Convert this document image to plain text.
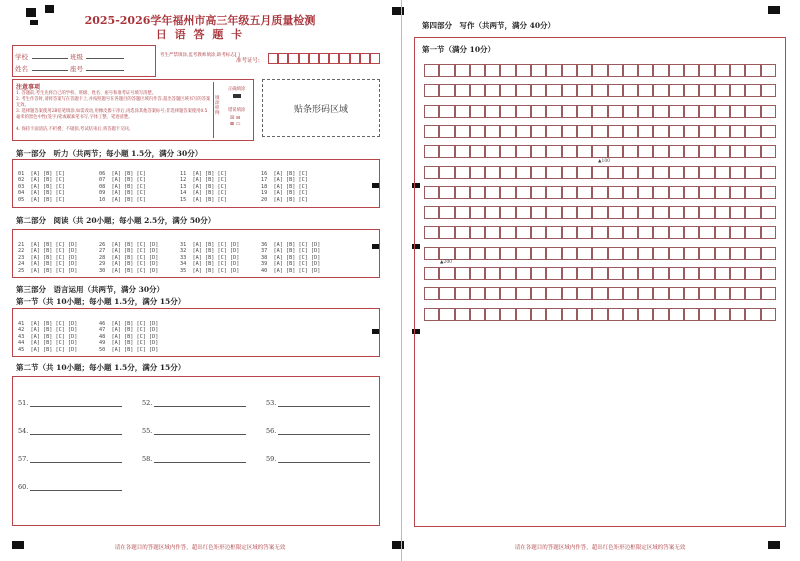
2025-2026学年福州市高三年级五月质量检测
日 语 答 题 卡
学校	班级
姓名	座号
考生严禁填涂,监考教师填涂,缺考标志[ ]
准考证号:
注意事项
1. 答题前,考生先将自己的学校、班级、姓名、座号和准考证号填写清楚。
2. 考生作答时,请将答案写在答题卡上,并按照题号在各题目的答题区域内作答,超出答题区域书写的答案无效。
3. 选择题答案使用2B铅笔填涂,如需改动,用橡皮擦干净后,再选涂其他答案标号;非选择题答案使用0.5毫米的黑色中性(签字)笔或碳素笔书写,字体工整、笔迹清楚。
4. 保持卡面清洁,不折叠、不破损,考试结束后,将答题卡交回。
填涂样例
正确填涂
错误填涂
☒ ⊟
⊠ ▭
贴条形码区域
第一部分　听力（共两节；每小题 1.5分，满分 30分）

01  [A] [B] [C]
02  [A] [B] [C]
03  [A] [B] [C]
04  [A] [B] [C]
05  [A] [B] [C]

06  [A] [B] [C]
07  [A] [B] [C]
08  [A] [B] [C]
09  [A] [B] [C]
10  [A] [B] [C]

11  [A] [B] [C]
12  [A] [B] [C]
13  [A] [B] [C]
14  [A] [B] [C]
15  [A] [B] [C]

16  [A] [B] [C]
17  [A] [B] [C]
18  [A] [B] [C]
19  [A] [B] [C]
20  [A] [B] [C]

第二部分　阅读（共 20小题；每小题 2.5分，满分 50分）

21  [A] [B] [C] [D]
22  [A] [B] [C] [D]
23  [A] [B] [C] [D]
24  [A] [B] [C] [D]
25  [A] [B] [C] [D]

26  [A] [B] [C] [D]
27  [A] [B] [C] [D]
28  [A] [B] [C] [D]
29  [A] [B] [C] [D]
30  [A] [B] [C] [D]

31  [A] [B] [C] [D]
32  [A] [B] [C] [D]
33  [A] [B] [C] [D]
34  [A] [B] [C] [D]
35  [A] [B] [C] [D]

36  [A] [B] [C] [D]
37  [A] [B] [C] [D]
38  [A] [B] [C] [D]
39  [A] [B] [C] [D]
40  [A] [B] [C] [D]

第三部分　语言运用（共两节，满分 30分）
第一节（共 10小题；每小题 1.5分，满分 15分）

41  [A] [B] [C] [D]
42  [A] [B] [C] [D]
43  [A] [B] [C] [D]
44  [A] [B] [C] [D]
45  [A] [B] [C] [D]

46  [A] [B] [C] [D]
47  [A] [B] [C] [D]
48  [A] [B] [C] [D]
49  [A] [B] [C] [D]
50  [A] [B] [C] [D]

第二节（共 10小题；每小题 1.5分，满分 15分）
51.	52.	53.
54.	55.	56.
57.	58.	59.
60.
请在各题目的答题区域内作答，超出红色矩形边框限定区域的答案无效
第四部分　写作（共两节，满分 40分）
第一节（满分 10分）
▲100
▲200
请在各题目的答题区域内作答，超出红色矩形边框限定区域的答案无效
